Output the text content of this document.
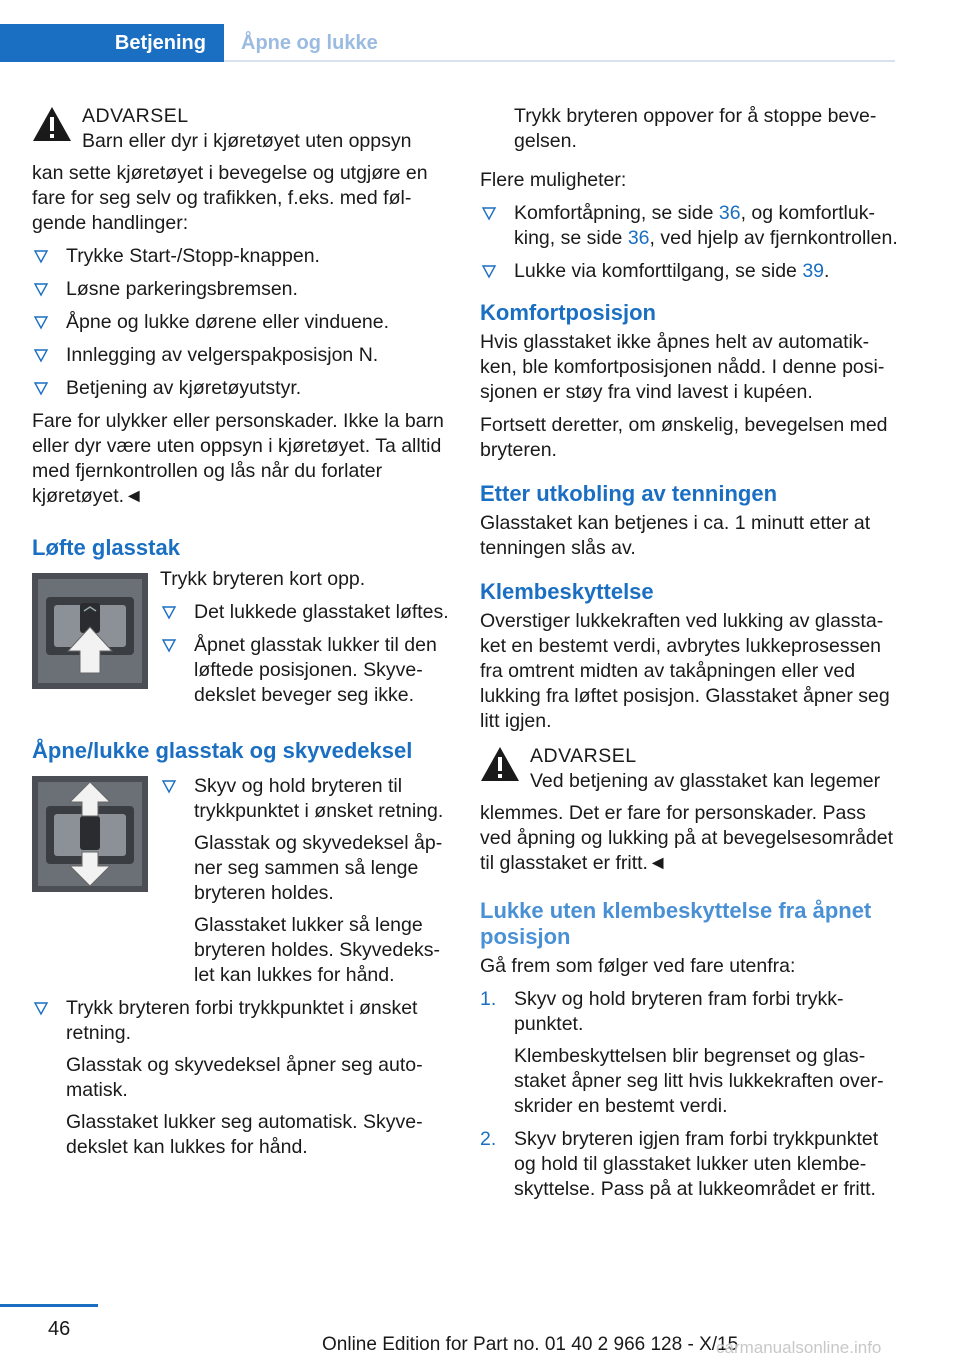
Betjening	Åpne og lukke
ADVARSEL
Barn eller dyr i kjøretøyet uten oppsyn

kan sette kjøretøyet i bevegelse og utgjøre en fare for seg selv og trafikken, f.eks. med følgende handlinger:

Trykke Start-/Stopp-knappen.
Løsne parkeringsbremsen.
Åpne og lukke dørene eller vinduene.
Innlegging av velgerspakposisjon N.
Betjening av kjøretøyutstyr.

Fare for ulykker eller personskader. Ikke la barn eller dyr være uten oppsyn i kjøretøyet. Ta alltid med fjernkontrollen og lås når du forlater kjøretøyet.◄

Løfte glasstak

Trykk bryteren kort opp.

Det lukkede glasstaket løftes.
Åpnet glasstak lukker til den løftede posisjonen. Skyvedekslet beveger seg ikke.
Åpne/lukke glasstak og skyvedeksel

Skyv og hold bryteren til trykkpunktet i ønsket retning.

Glasstak og skyvedeksel åpner seg sammen så lenge bryteren holdes.

Glasstaket lukker så lenge bryteren holdes. Skyvedekslet kan lukkes for hånd.

Trykk bryteren forbi trykkpunktet i ønsket retning.

Glasstak og skyvedeksel åpner seg automatisk.

Glasstaket lukker seg automatisk. Skyvedekslet kan lukkes for hånd.

Trykk bryteren oppover for å stoppe bevegelsen.

Flere muligheter:

Komfortåpning, se side 36, og komfortlukking, se side 36, ved hjelp av fjernkontrollen.
Lukke via komforttilgang, se side 39.
Komfortposisjon

Hvis glasstaket ikke åpnes helt av automatikken, ble komfortposisjonen nådd. I denne posisjonen er støy fra vind lavest i kupéen.

Fortsett deretter, om ønskelig, bevegelsen med bryteren.

Etter utkobling av tenningen

Glasstaket kan betjenes i ca. 1 minutt etter at tenningen slås av.

Klembeskyttelse

Overstiger lukkekraften ved lukking av glasstaket en bestemt verdi, avbrytes lukkeprosessen fra omtrent midten av takåpningen eller ved lukking fra løftet posisjon. Glasstaket åpner seg litt igjen.

ADVARSEL
Ved betjening av glasstaket kan legemer

klemmes. Det er fare for personskader. Pass ved åpning og lukking på at bevegelsesområdet til glasstaket er fritt.◄

Lukke uten klembeskyttelse fra åpnet posisjon

Gå frem som følger ved fare utenfra:

1. Skyv og hold bryteren fram forbi trykkpunktet.

Klembeskyttelsen blir begrenset og glasstaket åpner seg litt hvis lukkekraften overskrider en bestemt verdi.

2. Skyv bryteren igjen fram forbi trykkpunktet og hold til glasstaket lukker uten klembeskyttelse. Pass på at lukkeområdet er fritt.

46
Online Edition for Part no. 01 40 2 966 128 - X/15
carmanualsonline.info
